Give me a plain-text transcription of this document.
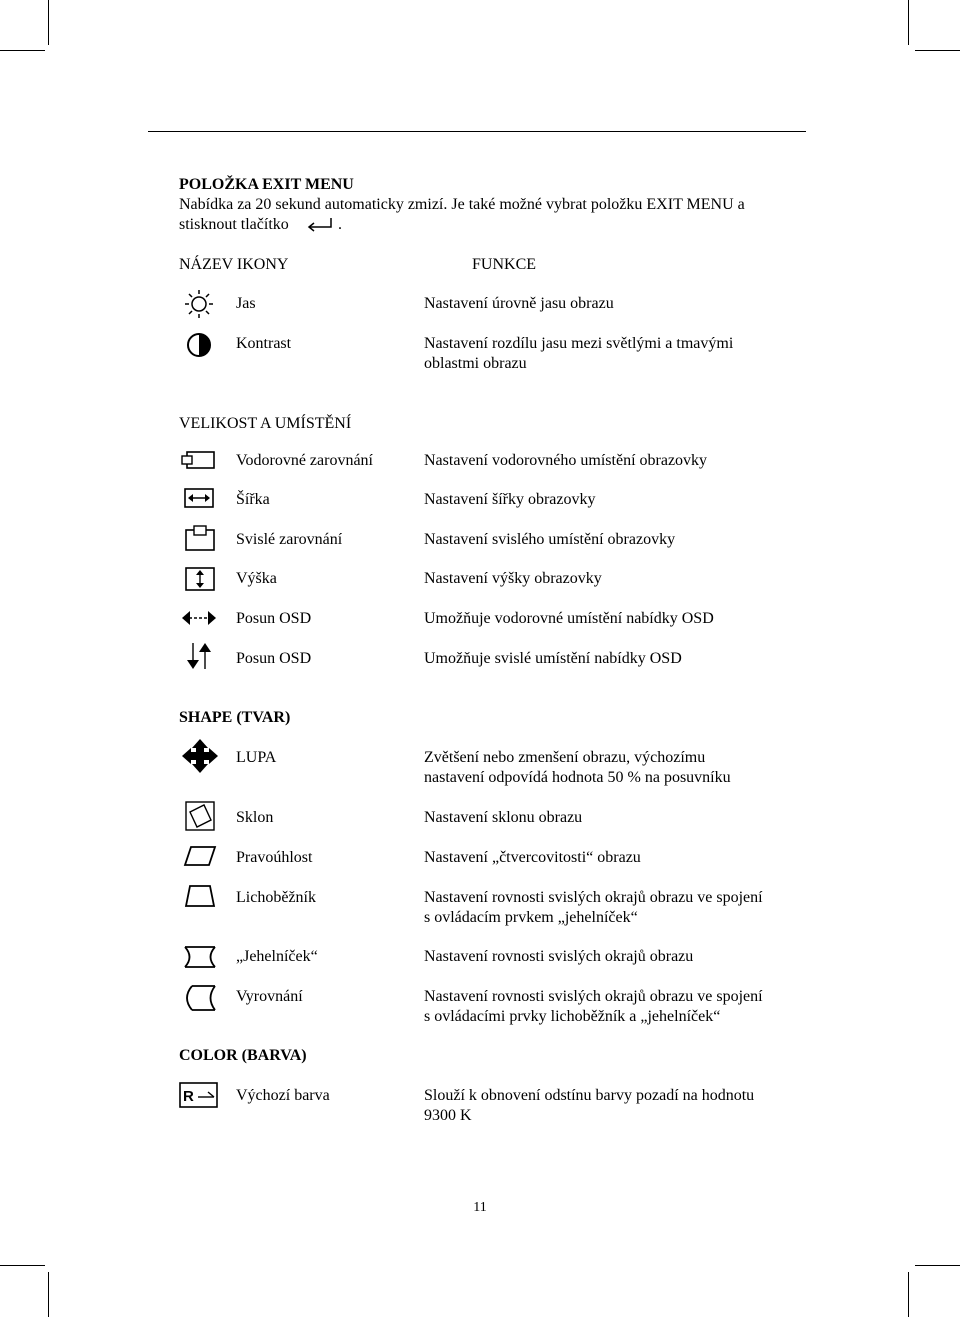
POLOŽKA EXIT MENU
Nabídka za 20 sekund automaticky zmizí. Je také možné vybrat položku EXIT MENU a
stisknout tlačítko	.
NÁZEV IKONY	FUNKCE
Jas	Nastavení úrovně jasu obrazu
Kontrast	Nastavení rozdílu jasu mezi světlými a tmavými
oblastmi obrazu
VELIKOST A UMÍSTĚNÍ
Vodorovné zarovnání	Nastavení vodorovného umístění obrazovky
Šířka	Nastavení šířky obrazovky
Svislé zarovnání	Nastavení svislého umístění obrazovky
Výška	Nastavení výšky obrazovky
Posun OSD	Umožňuje vodorovné umístění nabídky OSD
Posun OSD	Umožňuje svislé umístění nabídky OSD
SHAPE (TVAR)
LUPA	Zvětšení nebo zmenšení obrazu, výchozímu
nastavení odpovídá hodnota 50 % na posuvníku
Sklon	Nastavení sklonu obrazu
Pravoúhlost	Nastavení „čtvercovitosti“ obrazu
Lichoběžník	Nastavení rovnosti svislých okrajů obrazu ve spojení
s ovládacím prvkem „jehelníček“
„Jehelníček“	Nastavení rovnosti svislých okrajů obrazu
Vyrovnání	Nastavení rovnosti svislých okrajů obrazu ve spojení
s ovládacími prvky lichoběžník a „jehelníček“
COLOR (BARVA)
R	Výchozí barva	Slouží k obnovení odstínu barvy pozadí na hodnotu
9300 K
11
